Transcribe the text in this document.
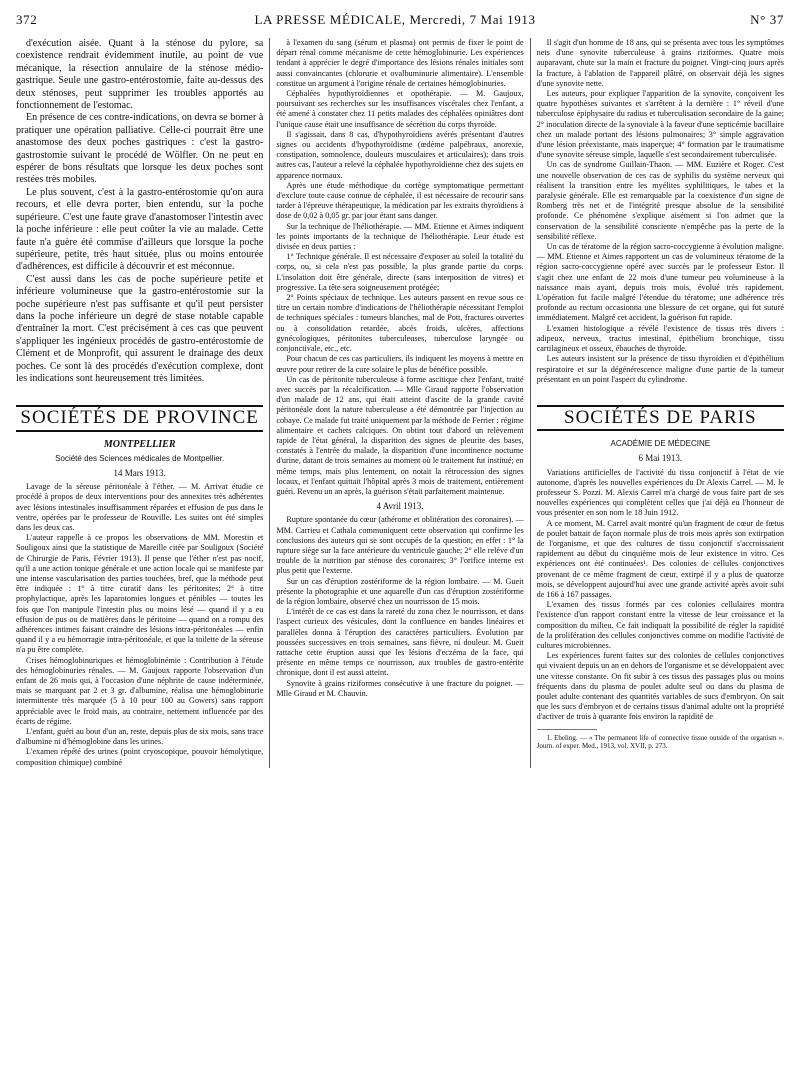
372	LA PRESSE MÉDICALE, Mercredi, 7 Mai 1913	N° 37

d'exécution aisée. Quant à la sténose du pylore, sa coexistence rendrait évidemment inutile, au point de vue mécanique, la résection annulaire de la sténose médio-gastrique. Seule une gastro-entérostomie, faite au-dessus des deux sténoses, peut supprimer les troubles apportés au fonctionnement de l'estomac.

En présence de ces contre-indications, on devra se borner à pratiquer une opération palliative. Celle-ci pourrait être une anastomose des deux poches gastriques : c'est la gastro-gastrostomie suivant le procédé de Wölfler. On ne peut en espérer de bons résultats que lorsque les deux poches sont restées très mobiles.

Le plus souvent, c'est à la gastro-entérostomie qu'on aura recours, et elle devra porter, bien entendu, sur la poche supérieure. C'est une faute grave d'anastomoser l'intestin avec la poche inférieure : elle peut coûter la vie au malade. Cette faute n'a guère été commise d'ailleurs que lorsque la poche supérieure, petite, très haut située, plus ou moins entourée d'adhérences, est difficile à découvrir et est méconnue.

C'est aussi dans les cas de poche supérieure petite et inférieure volumineuse que la gastro-entérostomie sur la poche supérieure n'est pas suffisante et qu'il peut persister dans la poche inférieure un degré de stase notable capable d'entraîner la mort. C'est précisément à ces cas que peuvent s'appliquer les ingénieux procédés de gastro-entérostomie de Clément et de Monprofit, qui assurent le drainage des deux poches. Ce sont là des procédés d'exécution complexe, dont les indications sont heureusement très limitées.

SOCIÉTÉS DE PROVINCE
MONTPELLIER
Société des Sciences médicales de Montpellier.
14 Mars 1913.

Lavage de la séreuse péritonéale à l'éther. — M. Arrivat étudie ce procédé à propos de deux interventions pour des annexites très adhérentes avec lésions intestinales insuffisamment réparées et effusion de pus dans le ventre, opérées par le professeur de Rouville. Les suites ont été simples dans les deux cas.

L'auteur rappelle à ce propos les observations de MM. Morestin et Souligoux ainsi que la statistique de Mareille citée par Souligoux (Société de Chirurgie de Paris, Février 1913). Il pense que l'éther n'est pas nocif, qu'il a une action tonique générale et une action locale qui se manifeste par une intense vascularisation des parties touchées, bref, que la méthode peut être indiquée : 1° à titre curatif dans les péritonites; 2° à titre prophylactique, après les laparotomies longues et pénibles — toutes les fois que l'on manipule l'intestin plus ou moins lésé — quand il y a eu effusion de pus ou de matières dans le péritoine — quand on a rompu des adhérences intimes faisant craindre des lésions intra-péritonéales — enfin quand il y a eu hémorragie intra-péritonéale, et que la toilette de la séreuse n'a pu être complète.

Crises hémoglobinuriques et hémoglobinémie : Contribution à l'étude des hémoglobinuries rénales. — M. Gaujoux rapporte l'observation d'un enfant de 26 mois qui, à l'occasion d'une néphrite de cause indéterminée, mais se marquant par 2 et 3 gr. d'albumine, réalisa une hémoglobinurie intermittente très marquée (5 à 10 pour 100 au Gowers) sans rapport appréciable avec le froid mais, au contraire, nettement influencée par des écarts de régime.

L'enfant, guéri au bout d'un an, reste, depuis plus de six mois, sans trace d'albumine ni d'hémoglobine dans les urines.

L'examen répété des urines (point cryoscopique, pouvoir hémolytique, composition chimique) combiné

à l'examen du sang (sérum et plasma) ont permis de fixer le point de départ rénal comme mécanisme de cette hémoglobinurie. Les expériences tendant à apprécier le degré d'importance des lésions rénales initiales sont aussi convaincantes (chlorurie et ovalbuminurie alimentaire). L'ensemble constitue un argument à l'origine rénale de certaines hémoglobinuries.

Céphalées hypothyroïdiennes et opothérapie. — M. Gaujoux, poursuivant ses recherches sur les insuffisances viscérales chez l'enfant, a été amené à constater chez 11 petits malades des céphalées opiniâtres dont l'unique cause était une insuffisance de sécrétion du corps thyroïde.

Il s'agissait, dans 8 cas, d'hypothyroïdiens avérés présentant d'autres signes ou accidents d'hypothyroïdisme (œdème palpébraux, anorexie, constipation, somnolence, douleurs musculaires et articulaires); dans trois autres cas, l'auteur a relevé la céphalée hypothyroïdienne chez des sujets en apparence normaux.

Après une étude méthodique du cortège symptomatique permettant d'exclure toute cause connue de céphalée, il est nécessaire de recourir sans tarder à l'épreuve thérapeutique, la médication par les extraits thyroïdiens à dose de 0,02 à 0,05 gr. par jour étant sans danger.

Sur la technique de l'héliothérapie. — MM. Etienne et Aimes indiquent les points importants de la technique de l'héliothérapie. Leur étude est divisée en deux parties :

1° Technique générale. Il est nécessaire d'exposer au soleil la totalité du corps, ou, si cela n'est pas possible, la plus grande partie du corps. L'insolation doit être générale, directe (sans interposition de vitres) et progressive. La tête sera soigneusement protégée;

2° Points spéciaux de technique. Les auteurs passent en revue sous ce titre un certain nombre d'indications de l'héliothérapie nécessitant l'emploi de techniques spéciales : tumeurs blanches, mal de Pott, fractures ouvertes ou à consolidation retardée, abcès froids, ulcères, affections gynécologiques, péritonites tuberculeuses, tuberculose laryngée ou conjonctivale, etc., etc.

Pour chacun de ces cas particuliers, ils indiquent les moyens à mettre en œuvre pour retirer de la cure solaire le plus de bénéfice possible.

Un cas de péritonite tuberculeuse à forme ascitique chez l'enfant, traité avec succès par la récalcification. — Mlle Giraud rapporte l'observation d'un malade de 12 ans, qui était atteint d'ascite de la grande cavité péritonéale dont la nature tuberculeuse a été démontrée par l'injection au cobaye. Ce malade fut traité uniquement par la méthode de Ferrier : régime alimentaire et cachets calciques. On obtint tout d'abord un relèvement rapide de l'état général, la disparition des signes de pleurite des bases, constatés à l'entrée du malade, la disparition d'une incontinence nocturne d'urine, datant de trois semaines au moment où le traitement fut institué; en même temps, mais plus lentement, on notait la rétrocession des signes locaux, et l'enfant quittait l'hôpital après 3 mois de traitement, entièrement guéri. Revenu un an après, la guérison s'était parfaitement maintenue.

4 Avril 1913.

Rupture spontanée du cœur (athérome et oblitération des coronaires). — MM. Carrieu et Cathala communiquent cette observation qui confirme les conclusions des auteurs qui se sont occupés de la question; en effet : 1° la rupture siège sur la face antérieure du ventricule gauche; 2° elle relève d'un trouble de la nutrition par sténose des coronaires; 3° l'orifice interne est plus petit que l'externe.

Sur un cas d'éruption zostériforme de la région lombaire. — M. Gueit présente la photographie et une aquarelle d'un cas d'éruption zostériforme de la région lombaire, observé chez un nourrisson de 15 mois.

L'intérêt de ce cas est dans la rareté du zona chez le nourrisson, et dans l'aspect curieux des vésicules, dont la confluence en bandes linéaires et parallèles donna à l'éruption des caractères particuliers. Évolution par poussées successives en trois semaines, sans fièvre, ni douleur. M. Gueit rattache cette éruption aussi que les lésions d'eczéma de la face, qui présente en même temps ce nourrisson, aux troubles de gastro-entérite chronique, dont il est aussi atteint.

Synovite à grains riziformes consécutive à une fracture du poignet. — Mlle Giraud et M. Chauvin.

Il s'agit d'un homme de 18 ans, qui se présenta avec tous les symptômes nets d'une synovite tuberculeuse à grains riziformes. Quatre mois auparavant, chute sur la main et fracture du poignet. Vingt-cinq jours après la fracture, à l'ablation de l'appareil plâtré, on observait déjà les signes d'une synovite nette.

Les auteurs, pour expliquer l'apparition de la synovite, conçoivent les quatre hypothèses suivantes et s'arrêtent à la dernière : 1° réveil d'une tuberculose épiphysaire du radius et tuberculisation secondaire de la gaine; 2° inoculation directe de la synoviale à la faveur d'une septicémie bacillaire chez un malade portant des lésions pulmonaires; 3° simple aggravation d'une lésion préexistante, mais inaperçue; 4° formation par le traumatisme d'une synovite séreuse simple, laquelle s'est secondairement tuberculisée.

Un cas de syndrome Guillain-Thaon. — MM. Euzière et Roger. C'est une nouvelle observation de ces cas de syphilis du système nerveux qui réalisent la transition entre les myélites syphilitiques, le tabes et la paralysie générale. Elle est remarquable par la coexistence d'un signe de Romberg très net et de l'intégrité presque absolue de la sensibilité profonde. Ce phénomène s'explique aisément si l'on admet que la conservation de la sensibilité consciente n'empêche pas la perte de la sensibilité réflexe.

Un cas de tératome de la région sacro-coccygienne à évolution maligne. — MM. Etienne et Aimes rapportent un cas de volumineux tératome de la région sacro-coccygienne opéré avec succès par le professeur Estor. Il s'agit chez une enfant de 22 mois d'une tumeur peu volumineuse à la naissance mais ayant, depuis trois mois, évolué très rapidement. L'opération fut facile malgré l'étendue du tératome; une adhérence très profonde au rectum occasionna une blessure de cet organe, qui fut suturé immédiatement. Malgré cet accident, la guérison fut rapide.

L'examen histologique a révélé l'existence de tissus très divers : adipeux, nerveux, tractus intestinal, épithélium bronchique, tissu cartilagineux et osseux, ébauches de thyroïde.

Les auteurs insistent sur la présence de tissu thyroïdien et d'épithélium respiratoire et sur la dégénérescence maligne d'une partie de la tumeur présentant en un point l'aspect du cylindrome.

SOCIÉTÉS DE PARIS
ACADÉMIE DE MÉDECINE
6 Mai 1913.

Variations artificielles de l'activité du tissu conjonctif à l'état de vie autonome, d'après les nouvelles expériences du Dr Alexis Carrel. — M. le professeur S. Pozzi. M. Alexis Carrel m'a chargé de vous faire part de ses nouvelles expériences qui complètent celles que j'ai déjà eu l'honneur de vous présenter en son nom le 18 Juin 1912.

A ce moment, M. Carrel avait montré qu'un fragment de cœur de fœtus de poulet battait de façon normale plus de trois mois après son extirpation de l'organisme, et que des cultures de tissu conjonctif s'accroissaient rapidement au début du cinquième mois de leur existence in vitro. Ces expériences ont été continuées¹. Des colonies de cellules conjonctives provenant de ce même fragment de cœur, extirpé il y a plus de quatorze mois, se développent aujourd'hui avec une grande activité après avoir subi de 166 à 167 passages.

L'examen des tissus formés par ces colonies cellulaires montra l'existence d'un rapport constant entre la vitesse de leur croissance et la composition du milieu. Ce fait indiquait la possibilité de régler la rapidité de la prolifération des cellules conjonctives comme on modifie l'activité de cultures microbiennes.

Les expériences furent faites sur des colonies de cellules conjonctives qui vivaient depuis un an en dehors de l'organisme et se développaient avec une vitesse constante. On fit subir à ces tissus des passages plus ou moins fréquents dans du plasma de poulet adulte seul ou dans du plasma de poulet adulte contenant des quantités variables de sucs d'embryon. On sait que les sucs d'embryon et de certains tissus d'animal adulte ont la propriété d'activer de trois à quarante fois environ la rapidité de

1. Ebeling. — « The permanent life of connective tissue outside of the organism ». Journ. of exper. Med., 1913, vol. XVII, p. 273.
